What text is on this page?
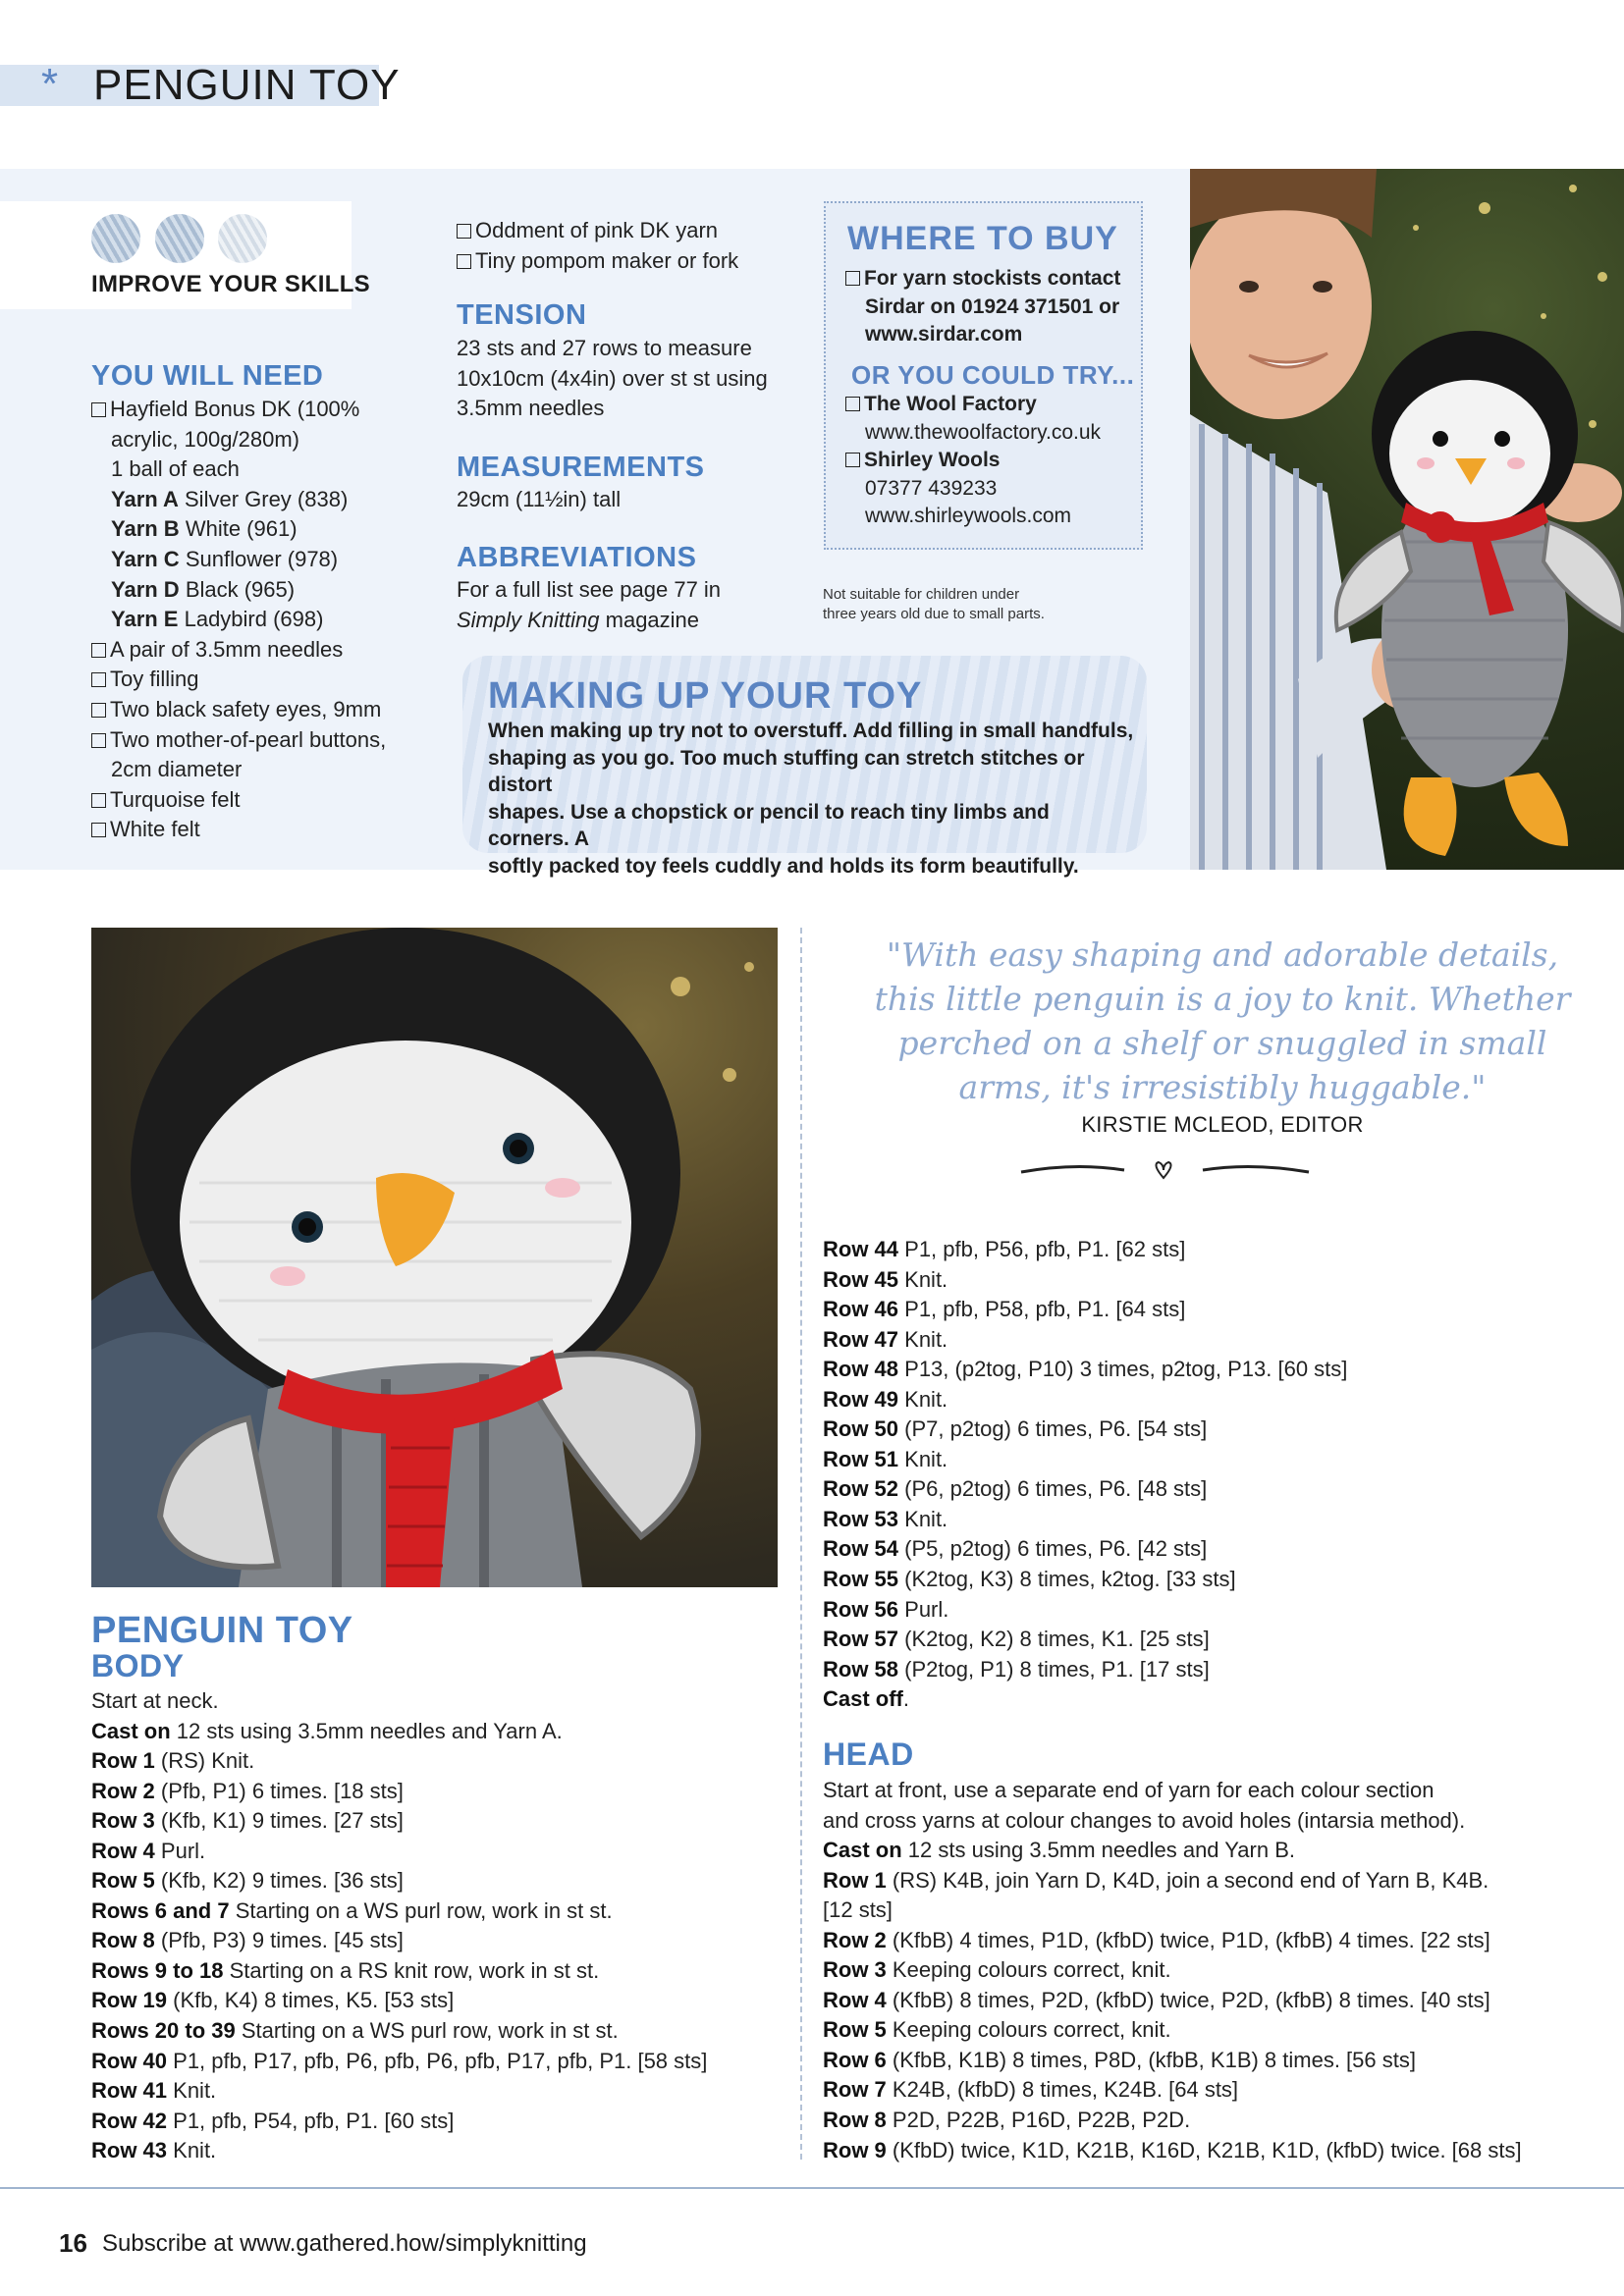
* PENGUIN TOY
IMPROVE YOUR SKILLS
YOU WILL NEED
Hayfield Bonus DK (100%
acrylic, 100g/280m)
1 ball of each
Yarn A Silver Grey (838)
Yarn B White (961)
Yarn C Sunflower (978)
Yarn D Black (965)
Yarn E Ladybird (698)
A pair of 3.5mm needles
Toy filling
Two black safety eyes, 9mm
Two mother-of-pearl buttons,
2cm diameter
Turquoise felt
White felt
Oddment of pink DK yarn
Tiny pompom maker or fork
TENSION
23 sts and 27 rows to measure
10x10cm (4x4in) over st st using
3.5mm needles
MEASUREMENTS
29cm (11½in) tall
ABBREVIATIONS
For a full list see page 77 in
Simply Knitting magazine
WHERE TO BUY
For yarn stockists contact
Sirdar on 01924 371501 or
www.sirdar.com
OR YOU COULD TRY...
The Wool Factory
www.thewoolfactory.co.uk
Shirley Wools
07377 439233
www.shirleywools.com
Not suitable for children under
three years old due to small parts.
MAKING UP YOUR TOY
When making up try not to overstuff. Add filling in small handfuls,
shaping as you go. Too much stuffing can stretch stitches or distort
shapes. Use a chopstick or pencil to reach tiny limbs and corners. A
softly packed toy feels cuddly and holds its form beautifully.
"With easy shaping and adorable details,
this little penguin is a joy to knit. Whether
perched on a shelf or snuggled in small
arms, it's irresistibly huggable."
KIRSTIE MCLEOD, EDITOR
PENGUIN TOY
BODY
Start at neck.
Cast on 12 sts using 3.5mm needles and Yarn A.
Row 1 (RS) Knit.
Row 2 (Pfb, P1) 6 times. [18 sts]
Row 3 (Kfb, K1) 9 times. [27 sts]
Row 4 Purl.
Row 5 (Kfb, K2) 9 times. [36 sts]
Rows 6 and 7 Starting on a WS purl row, work in st st.
Row 8 (Pfb, P3) 9 times. [45 sts]
Rows 9 to 18 Starting on a RS knit row, work in st st.
Row 19 (Kfb, K4) 8 times, K5. [53 sts]
Rows 20 to 39 Starting on a WS purl row, work in st st.
Row 40 P1, pfb, P17, pfb, P6, pfb, P6, pfb, P17, pfb, P1. [58 sts]
Row 41 Knit.
Row 42 P1, pfb, P54, pfb, P1. [60 sts]
Row 43 Knit.
Row 44 P1, pfb, P56, pfb, P1. [62 sts]
Row 45 Knit.
Row 46 P1, pfb, P58, pfb, P1. [64 sts]
Row 47 Knit.
Row 48 P13, (p2tog, P10) 3 times, p2tog, P13. [60 sts]
Row 49 Knit.
Row 50 (P7, p2tog) 6 times, P6. [54 sts]
Row 51 Knit.
Row 52 (P6, p2tog) 6 times, P6. [48 sts]
Row 53 Knit.
Row 54 (P5, p2tog) 6 times, P6. [42 sts]
Row 55 (K2tog, K3) 8 times, k2tog. [33 sts]
Row 56 Purl.
Row 57 (K2tog, K2) 8 times, K1. [25 sts]
Row 58 (P2tog, P1) 8 times, P1. [17 sts]
Cast off.
HEAD
Start at front, use a separate end of yarn for each colour section
and cross yarns at colour changes to avoid holes (intarsia method).
Cast on 12 sts using 3.5mm needles and Yarn B.
Row 1 (RS) K4B, join Yarn D, K4D, join a second end of Yarn B, K4B.
[12 sts]
Row 2 (KfbB) 4 times, P1D, (kfbD) twice, P1D, (kfbB) 4 times. [22 sts]
Row 3 Keeping colours correct, knit.
Row 4 (KfbB) 8 times, P2D, (kfbD) twice, P2D, (kfbB) 8 times. [40 sts]
Row 5 Keeping colours correct, knit.
Row 6 (KfbB, K1B) 8 times, P8D, (kfbB, K1B) 8 times. [56 sts]
Row 7 K24B, (kfbD) 8 times, K24B. [64 sts]
Row 8 P2D, P22B, P16D, P22B, P2D.
Row 9 (KfbD) twice, K1D, K21B, K16D, K21B, K1D, (kfbD) twice. [68 sts]
16 Subscribe at www.gathered.how/simplyknitting
